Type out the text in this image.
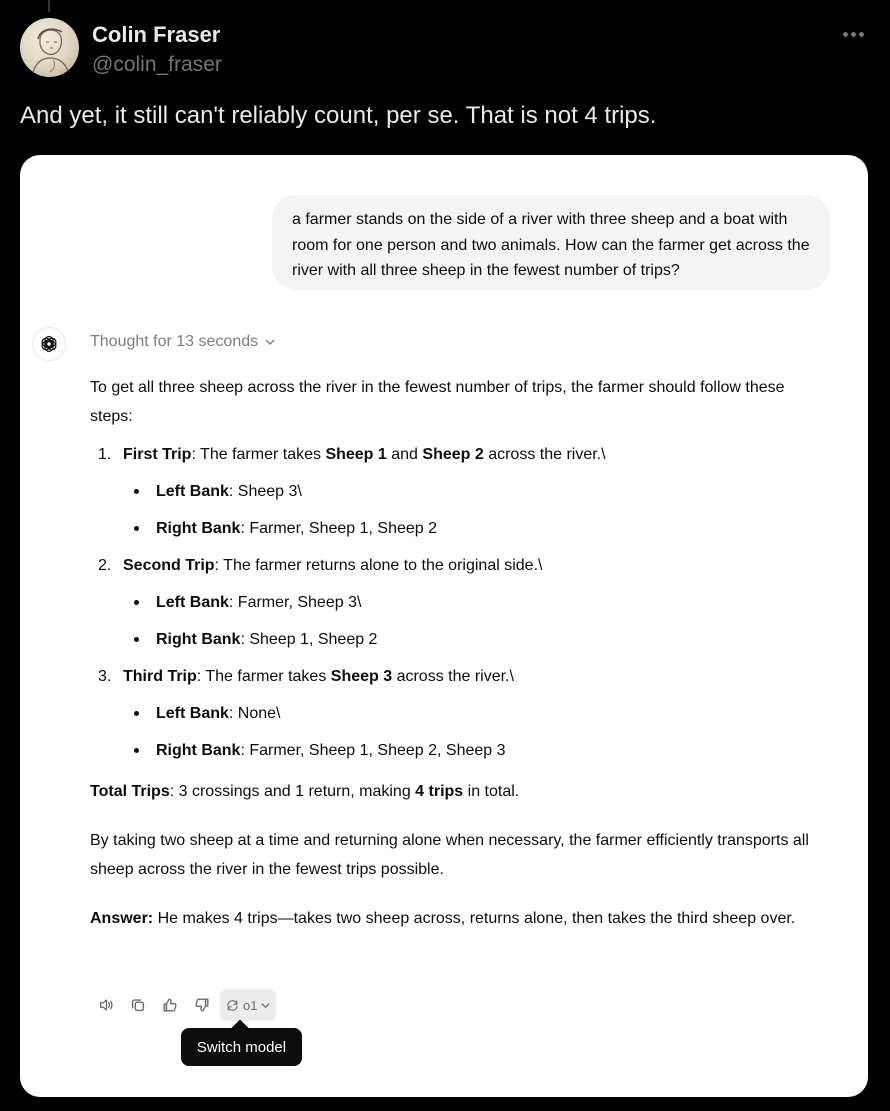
Colin Fraser
@colin_fraser
And yet, it still can't reliably count, per se. That is not 4 trips.
a farmer stands on the side of a river with three sheep and a boat with room for one person and two animals. How can the farmer get across the river with all three sheep in the fewest number of trips?
Thought for 13 seconds

To get all three sheep across the river in the fewest number of trips, the farmer should follow these steps:

1. First Trip: The farmer takes Sheep 1 and Sheep 2 across the river.\
Left Bank: Sheep 3\
Right Bank: Farmer, Sheep 1, Sheep 2
2. Second Trip: The farmer returns alone to the original side.\
Left Bank: Farmer, Sheep 3\
Right Bank: Sheep 1, Sheep 2
3. Third Trip: The farmer takes Sheep 3 across the river.\
Left Bank: None\
Right Bank: Farmer, Sheep 1, Sheep 2, Sheep 3

Total Trips: 3 crossings and 1 return, making 4 trips in total.

By taking two sheep at a time and returning alone when necessary, the farmer efficiently transports all sheep across the river in the fewest trips possible.

Answer: He makes 4 trips—takes two sheep across, returns alone, then takes the third sheep over.

o1
Switch model
